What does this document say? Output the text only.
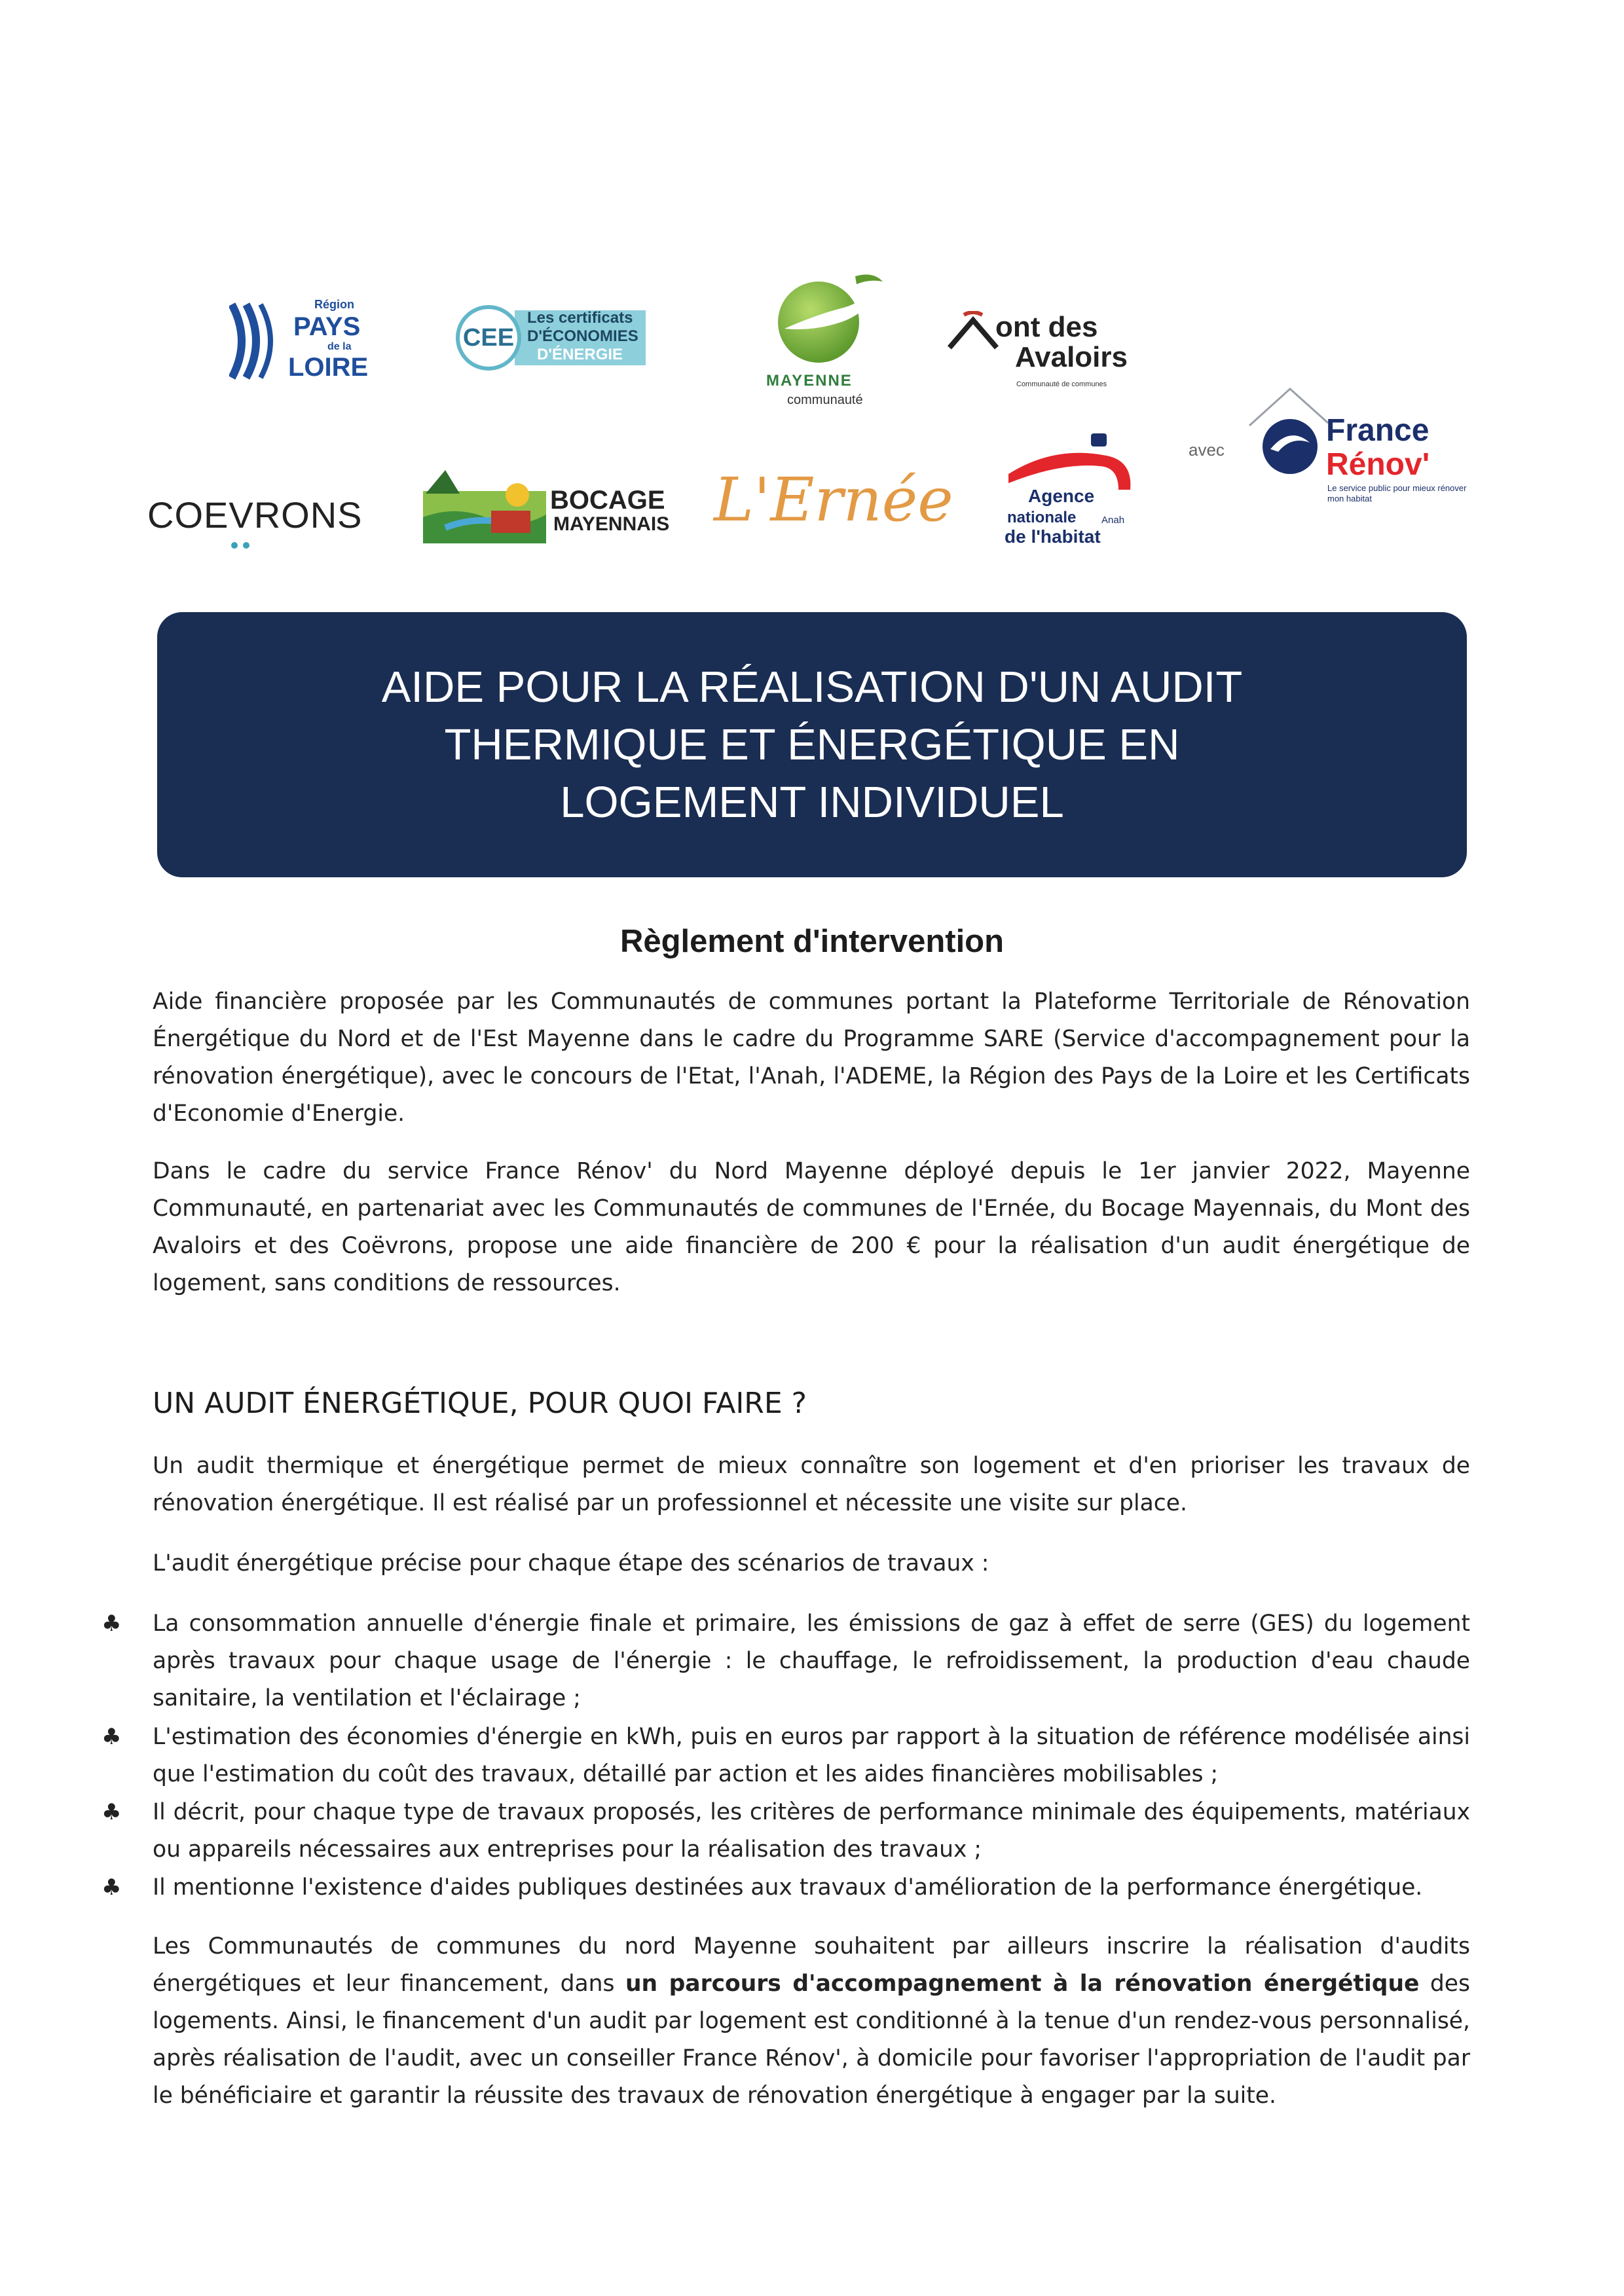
Région
PAYS
de la
LOIRE
CEE
Les certificats
D'ÉCONOMIES
D'ÉNERGIE
MAYENNE
communauté
ont des
Avaloirs
Communauté de communes
avec
France
Rénov'
Le service public pour mieux rénover mon habitat
COEVRONS	BOCAGE
MAYENNAIS L'Ernée	Agence
nationale	Anah
de l'habitat
AIDE POUR LA RÉALISATION D'UN AUDIT
THERMIQUE ET ÉNERGÉTIQUE EN
LOGEMENT INDIVIDUEL
Règlement d'intervention
Aide financière proposée par les Communautés de communes portant la Plateforme Territoriale de Rénovation Énergétique du Nord et de l'Est Mayenne dans le cadre du Programme SARE (Service d'accompagnement pour la rénovation énergétique), avec le concours de l'Etat, l'Anah, l'ADEME, la Région des Pays de la Loire et les Certificats d'Economie d'Energie.
Dans le cadre du service France Rénov' du Nord Mayenne déployé depuis le 1er janvier 2022, Mayenne Communauté, en partenariat avec les Communautés de communes de l'Ernée, du Bocage Mayennais, du Mont des Avaloirs et des Coëvrons, propose une aide financière de 200 € pour la réalisation d'un audit énergétique de logement, sans conditions de ressources.
UN AUDIT ÉNERGÉTIQUE, POUR QUOI FAIRE ?
Un audit thermique et énergétique permet de mieux connaître son logement et d'en prioriser les travaux de rénovation énergétique. Il est réalisé par un professionnel et nécessite une visite sur place.
L'audit énergétique précise pour chaque étape des scénarios de travaux :
♣ La consommation annuelle d'énergie finale et primaire, les émissions de gaz à effet de serre (GES) du logement après travaux pour chaque usage de l'énergie : le chauffage, le refroidissement, la production d'eau chaude sanitaire, la ventilation et l'éclairage ;
♣ L'estimation des économies d'énergie en kWh, puis en euros par rapport à la situation de référence modélisée ainsi que l'estimation du coût des travaux, détaillé par action et les aides financières mobilisables ;
♣ Il décrit, pour chaque type de travaux proposés, les critères de performance minimale des équipements, matériaux ou appareils nécessaires aux entreprises pour la réalisation des travaux ;
♣ Il mentionne l'existence d'aides publiques destinées aux travaux d'amélioration de la performance énergétique.
Les Communautés de communes du nord Mayenne souhaitent par ailleurs inscrire la réalisation d'audits énergétiques et leur financement, dans un parcours d'accompagnement à la rénovation énergétique des logements. Ainsi, le financement d'un audit par logement est conditionné à la tenue d'un rendez-vous personnalisé, après réalisation de l'audit, avec un conseiller France Rénov', à domicile pour favoriser l'appropriation de l'audit par le bénéficiaire et garantir la réussite des travaux de rénovation énergétique à engager par la suite.
